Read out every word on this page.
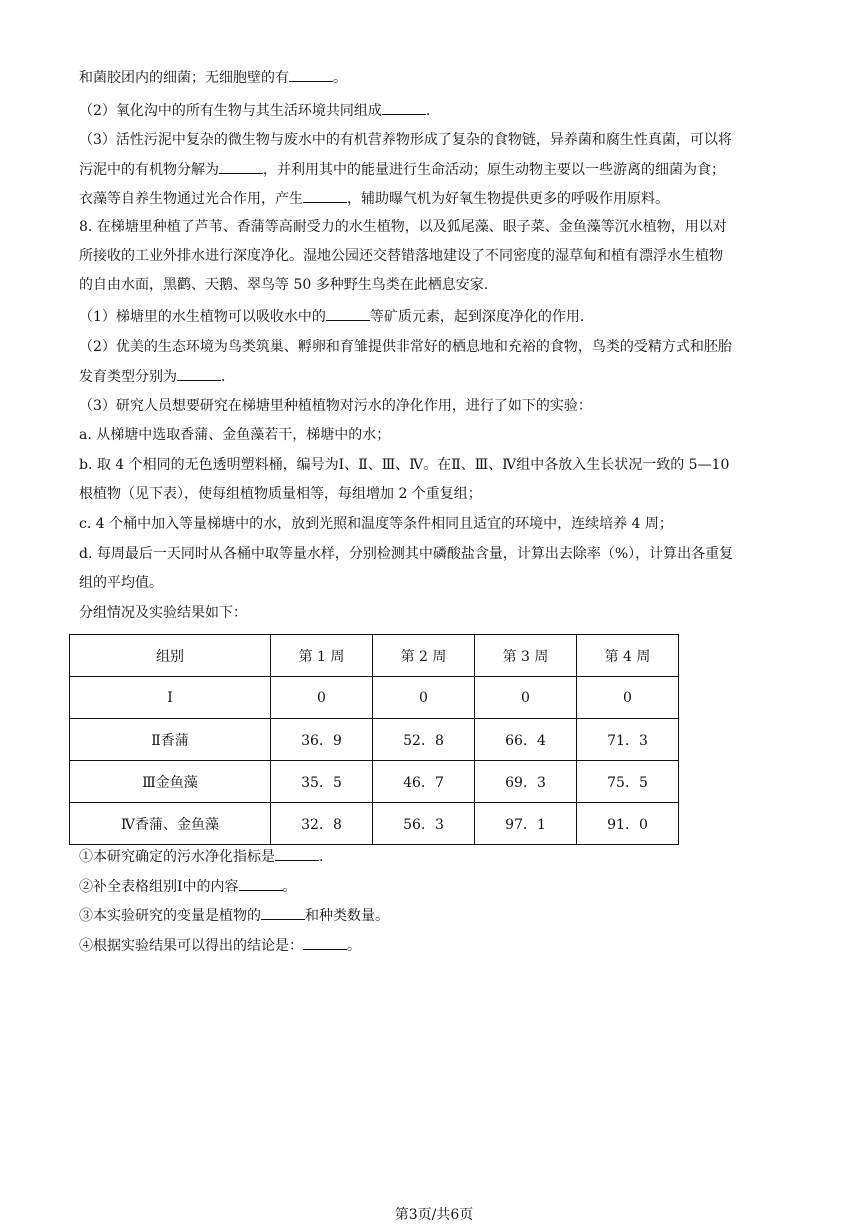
和菌胶团内的细菌；无细胞壁的有	。
（2）氧化沟中的所有生物与其生活环境共同组成	.
（3）活性污泥中复杂的微生物与废水中的有机营养物形成了复杂的食物链，异养菌和腐生性真菌，可以将
污泥中的有机物分解为	，并利用其中的能量进行生命活动；原生动物主要以一些游离的细菌为食；
衣藻等自养生物通过光合作用，产生	，辅助曝气机为好氧生物提供更多的呼吸作用原料。
8. 在梯塘里种植了芦苇、香蒲等高耐受力的水生植物，以及狐尾藻、眼子菜、金鱼藻等沉水植物，用以对
所接收的工业外排水进行深度净化。湿地公园还交替错落地建设了不同密度的湿草甸和植有漂浮水生植物
的自由水面，黑鹳、天鹅、翠鸟等 50 多种野生鸟类在此栖息安家.
（1）梯塘里的水生植物可以吸收水中的	等矿质元素，起到深度净化的作用.
（2）优美的生态环境为鸟类筑巢、孵卵和育雏提供非常好的栖息地和充裕的食物，鸟类的受精方式和胚胎
发育类型分别为	.
（3）研究人员想要研究在梯塘里种植植物对污水的净化作用，进行了如下的实验：
a. 从梯塘中选取香蒲、金鱼藻若干，梯塘中的水；
b. 取 4 个相同的无色透明塑料桶，编号为Ⅰ、Ⅱ、Ⅲ、Ⅳ。在Ⅱ、Ⅲ、Ⅳ组中各放入生长状况一致的 5—10
根植物（见下表），使每组植物质量相等，每组增加 2 个重复组；
c. 4 个桶中加入等量梯塘中的水，放到光照和温度等条件相同且适宜的环境中，连续培养 4 周；
d. 每周最后一天同时从各桶中取等量水样，分别检测其中磷酸盐含量，计算出去除率（%），计算出各重复
组的平均值。
分组情况及实验结果如下：
组别	第 1 周	第 2 周	第 3 周	第 4 周
Ⅰ	0	0	0	0
Ⅱ香蒲	36．9	52．8	66．4	71．3
Ⅲ金鱼藻	35．5	46．7	69．3	75．5
Ⅳ香蒲、金鱼藻	32．8	56．3	97．1	91．0
①本研究确定的污水净化指标是	.
②补全表格组别Ⅰ中的内容	。
③本实验研究的变量是植物的	和种类数量。
④根据实验结果可以得出的结论是：	。
第3页/共6页
